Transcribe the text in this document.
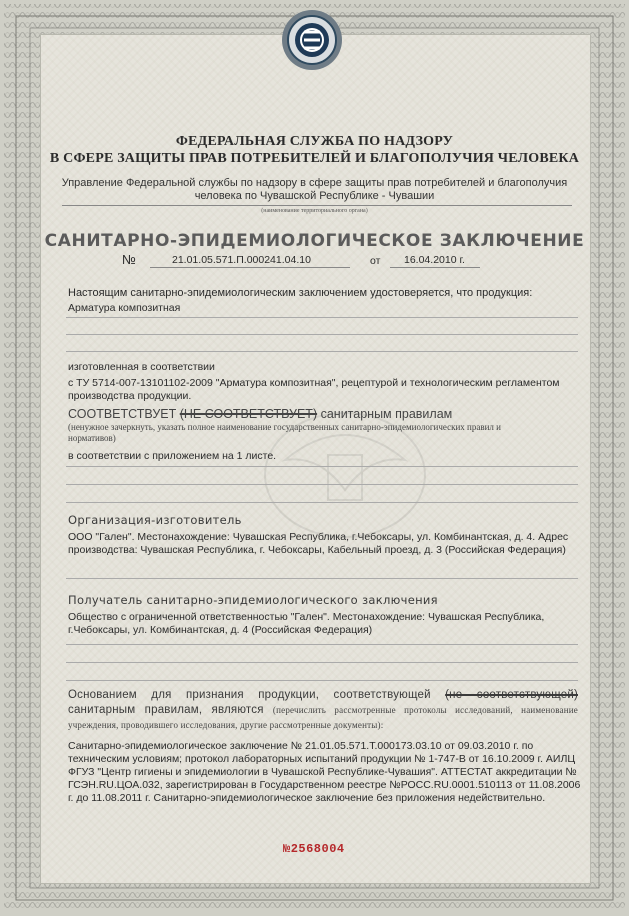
ФЕДЕРАЛЬНАЯ СЛУЖБА ПО НАДЗОРУ
В СФЕРЕ ЗАЩИТЫ ПРАВ ПОТРЕБИТЕЛЕЙ И БЛАГОПОЛУЧИЯ ЧЕЛОВЕКА
Управление Федеральной службы по надзору в сфере защиты прав потребителей и благополучия
человека по Чувашской Республике - Чувашии
(наименование территориального органа)
САНИТАРНО-ЭПИДЕМИОЛОГИЧЕСКОЕ ЗАКЛЮЧЕНИЕ
№	21.01.05.571.П.000241.04.10	от 16.04.2010 г.
Настоящим санитарно-эпидемиологическим заключением удостоверяется, что продукция:
Арматура композитная
изготовленная в соответствии
с ТУ 5714-007-13101102-2009 "Арматура композитная", рецептурой и технологическим регламентом производства продукции.
СООТВЕТСТВУЕТ (НЕ СООТВЕТСТВУЕТ) санитарным правилам
(ненужное зачеркнуть, указать полное наименование государственных санитарно-эпидемиологических правил и нормативов)
в соответствии с приложением на 1 листе.
Организация-изготовитель
ООО "Гален". Местонахождение: Чувашская Республика, г.Чебоксары, ул. Комбинантская, д. 4. Адрес производства: Чувашская Республика, г. Чебоксары, Кабельный проезд, д. 3 (Российская Федерация)
Получатель санитарно-эпидемиологического заключения
Общество с ограниченной ответственностью "Гален". Местонахождение: Чувашская Республика, г.Чебоксары, ул. Комбинантская, д. 4 (Российская Федерация)
Основанием для признания продукции, соответствующей (не соответствующей) санитарным правилам, являются (перечислить рассмотренные протоколы исследований, наименование учреждения, проводившего исследования, другие рассмотренные документы):
Санитарно-эпидемиологическое заключение № 21.01.05.571.Т.000173.03.10 от 09.03.2010 г. по техническим условиям; протокол лабораторных испытаний продукции № 1-747-В от 16.10.2009 г. АИЛЦ ФГУЗ "Центр гигиены и эпидемиологии в Чувашской Республике-Чувашия". АТТЕСТАТ аккредитации № ГСЭН.RU.ЦОА.032, зарегистрирован в Государственном реестре №РОСС.RU.0001.510113 от 11.08.2006 г. до 11.08.2011 г. Санитарно-эпидемиологическое заключение без приложения недействительно.
№2568004
